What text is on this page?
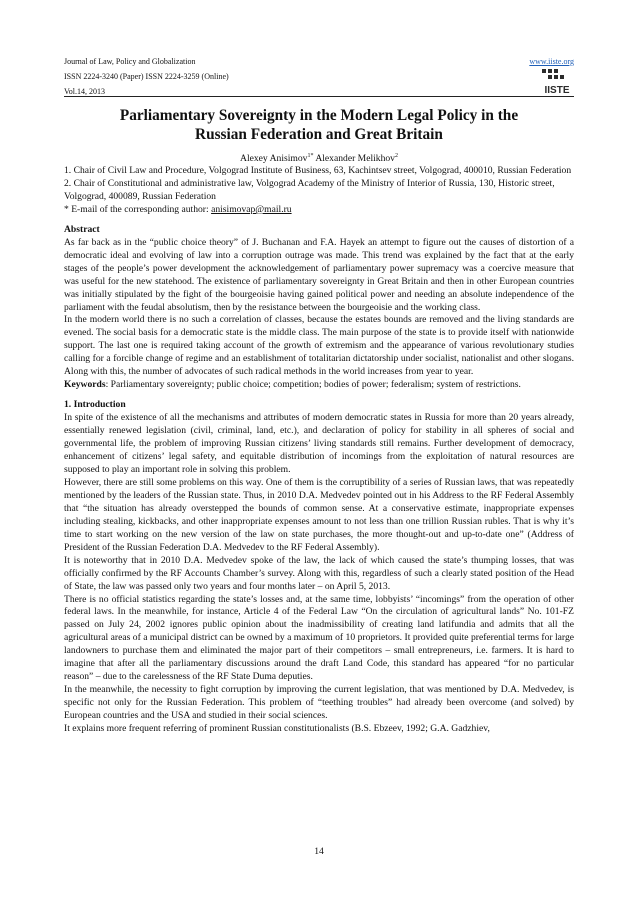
Journal of Law, Policy and Globalization	www.iiste.org
ISSN 2224-3240 (Paper) ISSN 2224-3259 (Online)
Vol.14, 2013	IISTE
Parliamentary Sovereignty in the Modern Legal Policy in the
Russian Federation and Great Britain
Alexey Anisimov$^{1*}$ Alexander Melikhov$^2$

1. Chair of Civil Law and Procedure, Volgograd Institute of Business, 63, Kachintsev street, Volgograd, 400010, Russian Federation

2. Chair of Constitutional and administrative law, Volgograd Academy of the Ministry of Interior of Russia, 130, Historic street, Volgograd, 400089, Russian Federation

* E-mail of the corresponding author: anisimovap@mail.ru

Abstract

As far back as in the “public choice theory” of J. Buchanan and F.A. Hayek an attempt to figure out the causes of distortion of a democratic ideal and evolving of law into a corruption outrage was made. This trend was explained by the fact that at the early stages of the people’s power development the acknowledgement of parliamentary power supremacy was a coercive measure that was useful for the new statehood. The existence of parliamentary sovereignty in Great Britain and then in other European countries was initially stipulated by the fight of the bourgeoisie having gained political power and needing an absolute independence of the parliament with the feudal absolutism, then by the resistance between the bourgeoisie and the working class.

In the modern world there is no such a correlation of classes, because the estates bounds are removed and the living standards are evened. The social basis for a democratic state is the middle class. The main purpose of the state is to provide itself with nationwide support. The last one is required taking account of the growth of extremism and the appearance of various revolutionary studies calling for a forcible change of regime and an establishment of totalitarian dictatorship under socialist, nationalist and other slogans. Along with this, the number of advocates of such radical methods in the world increases from year to year.

Keywords: Parliamentary sovereignty; public choice; competition; bodies of power; federalism; system of restrictions.

1. Introduction

In spite of the existence of all the mechanisms and attributes of modern democratic states in Russia for more than 20 years already, essentially renewed legislation (civil, criminal, land, etc.), and declaration of policy for stability in all spheres of social and governmental life, the problem of improving Russian citizens’ living standards still remains. Further development of democracy, enhancement of citizens’ legal safety, and equitable distribution of incomings from the exploitation of natural resources are supposed to play an important role in solving this problem.

However, there are still some problems on this way. One of them is the corruptibility of a series of Russian laws, that was repeatedly mentioned by the leaders of the Russian state. Thus, in 2010 D.A. Medvedev pointed out in his Address to the RF Federal Assembly that “the situation has already overstepped the bounds of common sense. At a conservative estimate, inappropriate expenses including stealing, kickbacks, and other inappropriate expenses amount to not less than one trillion Russian rubles. That is why it’s time to start working on the new version of the law on state purchases, the more thought-out and up-to-date one” (Address of President of the Russian Federation D.A. Medvedev to the RF Federal Assembly).

It is noteworthy that in 2010 D.A. Medvedev spoke of the law, the lack of which caused the state’s thumping losses, that was officially confirmed by the RF Accounts Chamber’s survey. Along with this, regardless of such a clearly stated position of the Head of State, the law was passed only two years and four months later – on April 5, 2013.

There is no official statistics regarding the state’s losses and, at the same time, lobbyists’ “incomings” from the operation of other federal laws. In the meanwhile, for instance, Article 4 of the Federal Law “On the circulation of agricultural lands” No. 101-FZ passed on July 24, 2002 ignores public opinion about the inadmissibility of creating land latifundia and admits that all the agricultural areas of a municipal district can be owned by a maximum of 10 proprietors. It provided quite preferential terms for large landowners to purchase them and eliminated the major part of their competitors – small entrepreneurs, i.e. farmers. It is hard to imagine that after all the parliamentary discussions around the draft Land Code, this standard has appeared “for no particular reason” – due to the carelessness of the RF State Duma deputies.

In the meanwhile, the necessity to fight corruption by improving the current legislation, that was mentioned by D.A. Medvedev, is specific not only for the Russian Federation. This problem of “teething troubles” had already been overcome (and solved) by European countries and the USA and studied in their social sciences.

It explains more frequent referring of prominent Russian constitutionalists (B.S. Ebzeev, 1992; G.A. Gadzhiev,

14
